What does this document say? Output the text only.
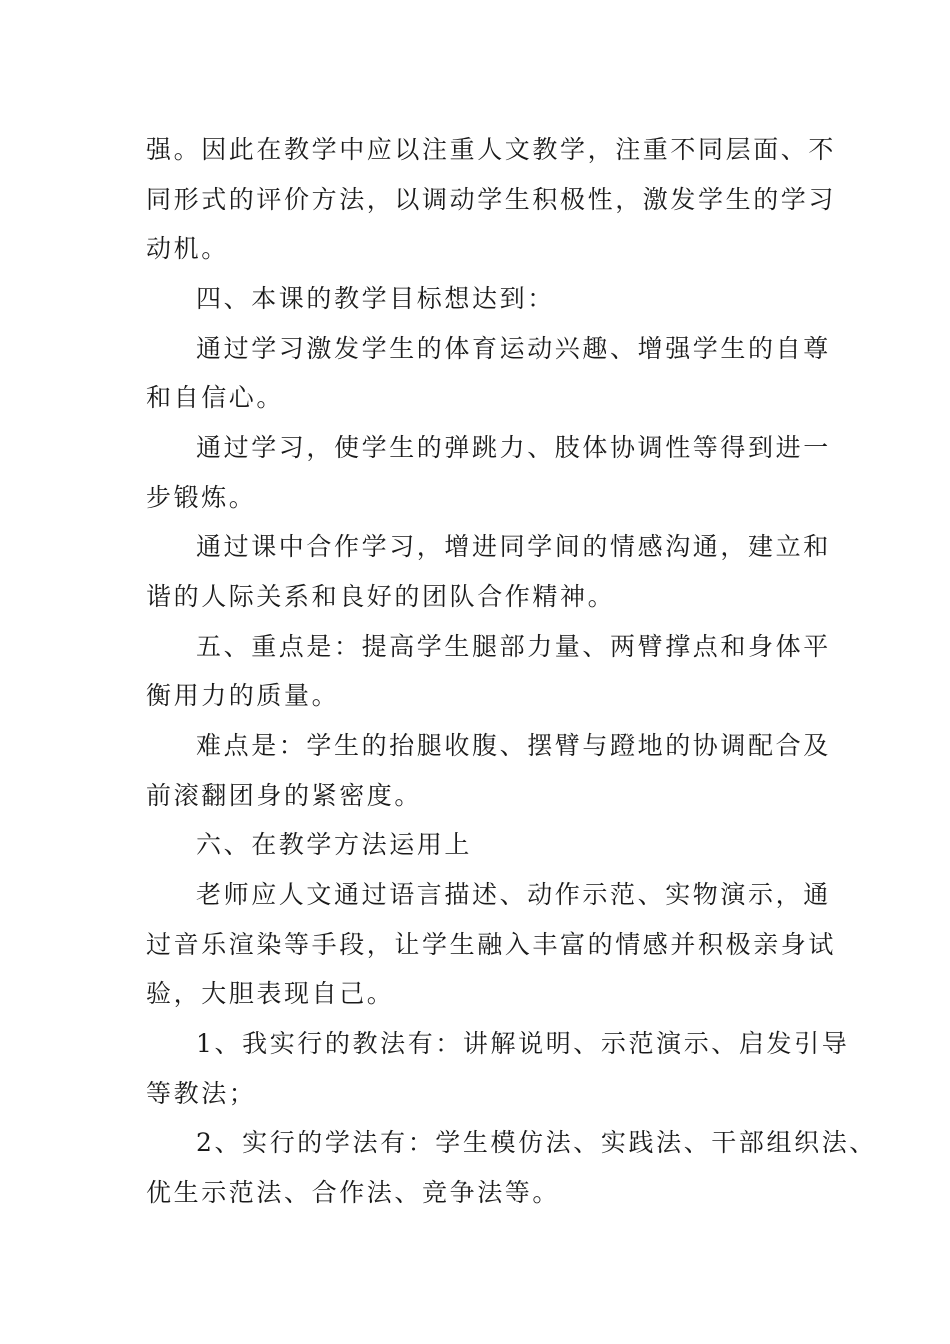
强。因此在教学中应以注重人文教学，注重不同层面、不
同形式的评价方法，以调动学生积极性，激发学生的学习
动机。
四、本课的教学目标想达到：
通过学习激发学生的体育运动兴趣、增强学生的自尊
和自信心。
通过学习，使学生的弹跳力、肢体协调性等得到进一
步锻炼。
通过课中合作学习，增进同学间的情感沟通，建立和
谐的人际关系和良好的团队合作精神。
五、重点是：提高学生腿部力量、两臂撑点和身体平
衡用力的质量。
难点是：学生的抬腿收腹、摆臂与蹬地的协调配合及
前滚翻团身的紧密度。
六、在教学方法运用上
老师应人文通过语言描述、动作示范、实物演示，通
过音乐渲染等手段，让学生融入丰富的情感并积极亲身试
验，大胆表现自己。
1、我实行的教法有：讲解说明、示范演示、启发引导
等教法；
2、实行的学法有：学生模仿法、实践法、干部组织法、
优生示范法、合作法、竞争法等。
